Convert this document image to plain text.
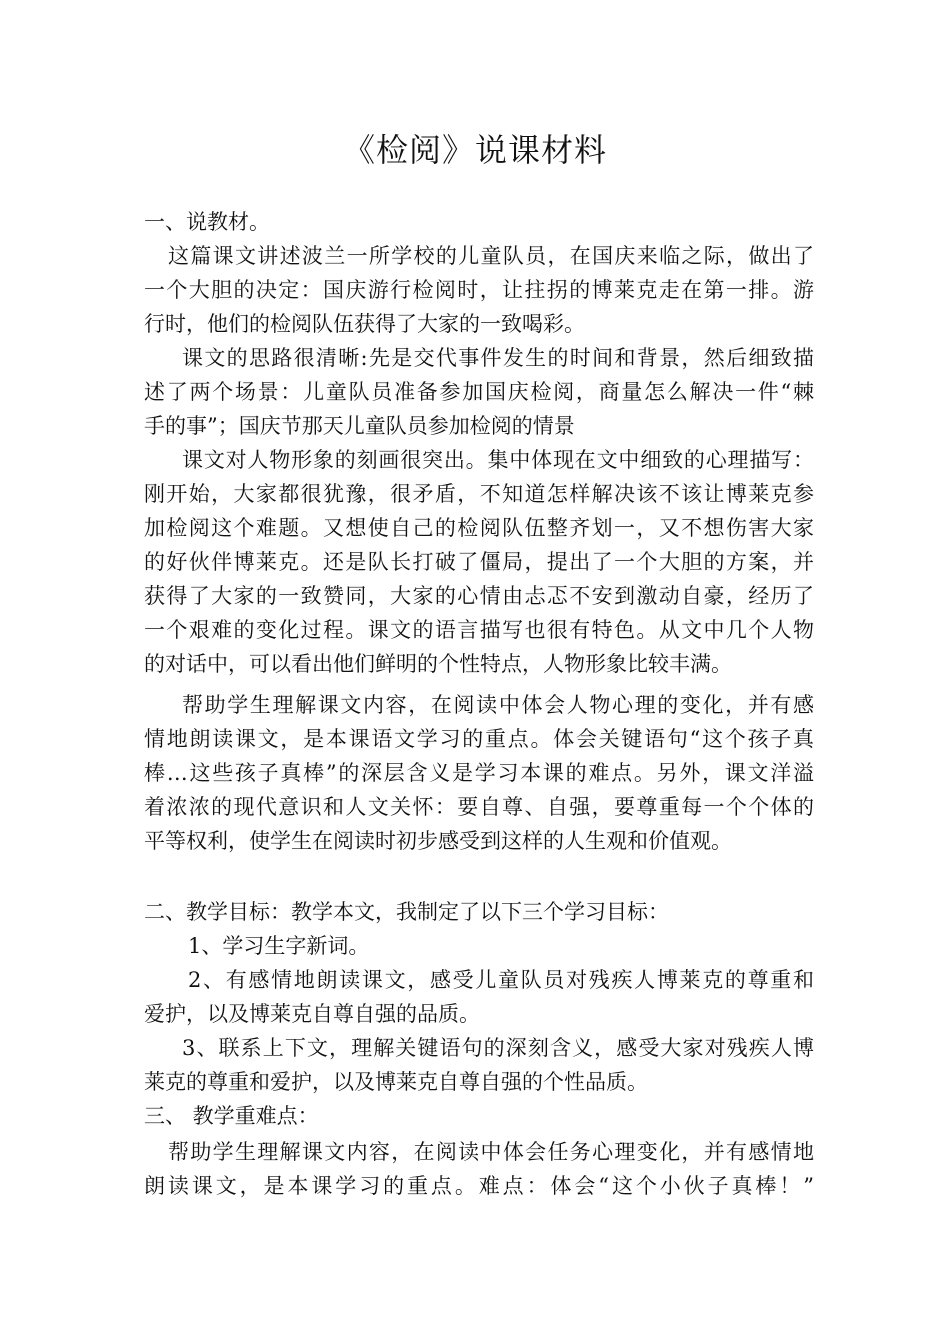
《检阅》说课材料
一、说教材。
这篇课文讲述波兰一所学校的儿童队员，在国庆来临之际，做出了
一个大胆的决定：国庆游行检阅时，让拄拐的博莱克走在第一排。游
行时，他们的检阅队伍获得了大家的一致喝彩。
课文的思路很清晰:先是交代事件发生的时间和背景，然后细致描
述了两个场景：儿童队员准备参加国庆检阅，商量怎么解决一件“棘
手的事”；国庆节那天儿童队员参加检阅的情景
课文对人物形象的刻画很突出。集中体现在文中细致的心理描写：
刚开始，大家都很犹豫，很矛盾，不知道怎样解决该不该让博莱克参
加检阅这个难题。又想使自己的检阅队伍整齐划一，又不想伤害大家
的好伙伴博莱克。还是队长打破了僵局，提出了一个大胆的方案，并
获得了大家的一致赞同，大家的心情由忐忑不安到激动自豪，经历了
一个艰难的变化过程。课文的语言描写也很有特色。从文中几个人物
的对话中，可以看出他们鲜明的个性特点，人物形象比较丰满。
帮助学生理解课文内容，在阅读中体会人物心理的变化，并有感
情地朗读课文，是本课语文学习的重点。体会关键语句“这个孩子真
棒…这些孩子真棒”的深层含义是学习本课的难点。另外，课文洋溢
着浓浓的现代意识和人文关怀：要自尊、自强，要尊重每一个个体的
平等权利，使学生在阅读时初步感受到这样的人生观和价值观。
二、教学目标：教学本文，我制定了以下三个学习目标：
1、学习生字新词。
2、有感情地朗读课文，感受儿童队员对残疾人博莱克的尊重和
爱护，以及博莱克自尊自强的品质。
3、联系上下文，理解关键语句的深刻含义，感受大家对残疾人博
莱克的尊重和爱护，以及博莱克自尊自强的个性品质。
三、 教学重难点：
帮助学生理解课文内容，在阅读中体会任务心理变化，并有感情地
朗读课文，是本课学习的重点。难点：体会“这个小伙子真棒！”
